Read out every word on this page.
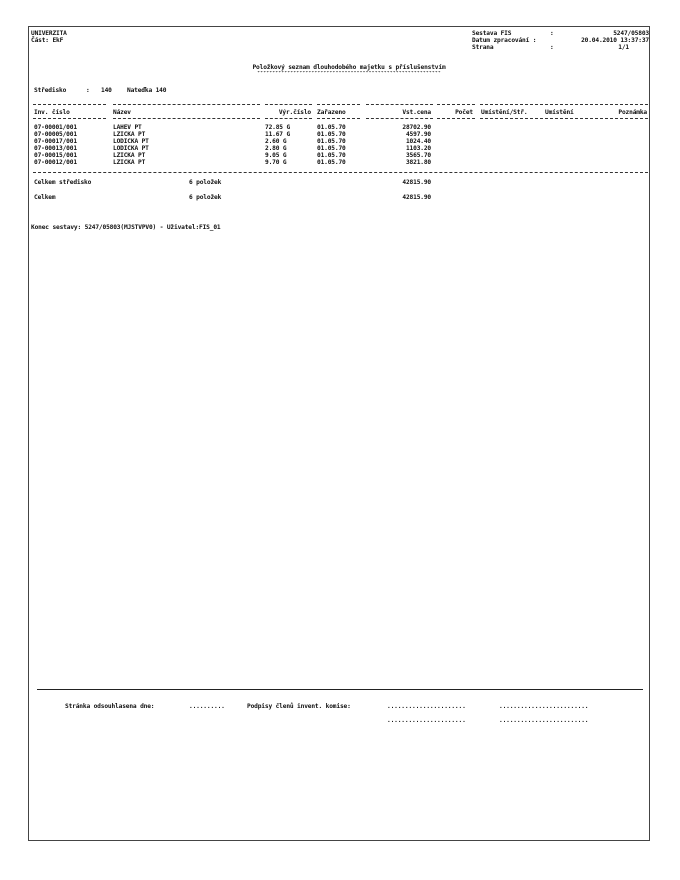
UNIVERZITA
Část: EkF
Sestava FIS	:	5247/05803
Datum zpracování :	20.04.2010 13:37:37
Strana	:	1/1
Položkový seznam dlouhodobého majetku s příslušenstvím
*************************************************************
Středisko	: 140 Nateďka 140
Inv. číslo	Název	Výr.číslo Zařazeno	Vst.cena	Počet Umístění/Stř.	Umístění	Poznámka
07-00001/001	LAHEV PT	72.85 G	01.05.70	28702.90
07-00005/001	LZICKA PT	11.67 G	01.05.70	4597.90
07-00017/001	LODICKA PT	2.60 G	01.05.70	1024.40
07-00013/001	LODICKA PT	2.80 G	01.05.70	1103.20
07-00015/001	LZICKA PT	9.05 G	01.05.70	3565.70
07-00012/001	LZICKA PT	9.70 G	01.05.70	3821.80
Celkem středisko	6 položek	42815.90
Celkem	6 položek	42815.90
Konec sestavy: 5247/05803(MJSTVPV0) - Uživatel:FIS_01
Stránka odsouhlasena dne:	..........	Podpisy členů invent. komise:	......................	.........................
......................	.........................
